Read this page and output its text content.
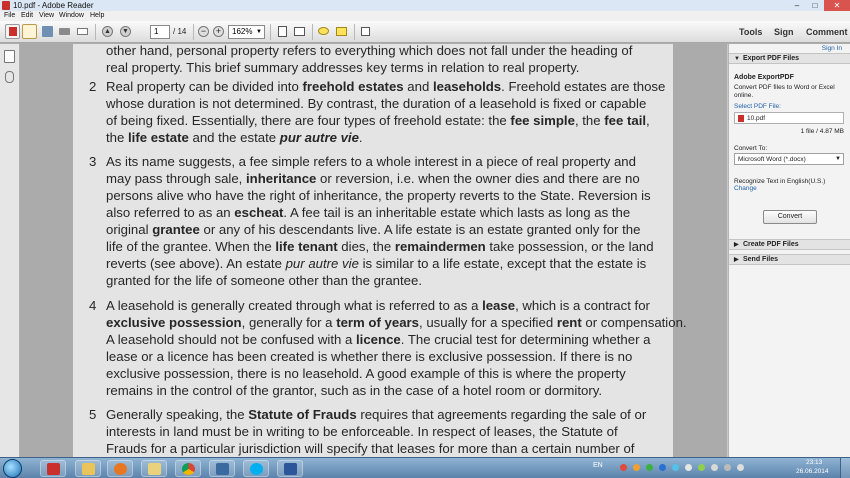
10.pdf - Adobe Reader	–	□	✕
File Edit View Window Help
▲ ▼	1	/ 14	−	+	162% ▼	Tools Sign Comment
other hand, personal property refers to everything which does not fall under the heading of
real property. This brief summary addresses key terms in relation to real property.
2 Real property can be divided into freehold estates and leaseholds. Freehold estates are those
whose duration is not determined. By contrast, the duration of a leasehold is fixed or capable
of being fixed. Essentially, there are four types of freehold estate: the fee simple, the fee tail,
the life estate and the estate pur autre vie.
3 As its name suggests, a fee simple refers to a whole interest in a piece of real property and
may pass through sale, inheritance or reversion, i.e. when the owner dies and there are no
persons alive who have the right of inheritance, the property reverts to the State. Reversion is
also referred to as an escheat. A fee tail is an inheritable estate which lasts as long as the
original grantee or any of his descendants live. A life estate is an estate granted only for the
life of the grantee. When the life tenant dies, the remaindermen take possession, or the land
reverts (see above). An estate pur autre vie is similar to a life estate, except that the estate is
granted for the life of someone other than the grantee.
4 A leasehold is generally created through what is referred to as a lease, which is a contract for
exclusive possession, generally for a term of years, usually for a specified rent or compensation.
A leasehold should not be confused with a licence. The crucial test for determining whether a
lease or a licence has been created is whether there is exclusive possession. If there is no
exclusive possession, there is no leasehold. A good example of this is where the property
remains in the control of the grantor, such as in the case of a hotel room or dormitory.
5 Generally speaking, the Statute of Frauds requires that agreements regarding the sale of or
interests in land must be in writing to be enforceable. In respect of leases, the Statute of
Frauds for a particular jurisdiction will specify that leases for more than a certain number of
Sign In
▼ Export PDF Files
Adobe ExportPDF
Convert PDF files to Word or Excel
online.
Select PDF File:
10.pdf
1 file / 4.87 MB
Convert To:
Microsoft Word (*.docx)	▼
Recognize Text in English(U.S.)
Change
Convert
▶ Create PDF Files
▶ Send Files
EN	23:13
26.06.2014
